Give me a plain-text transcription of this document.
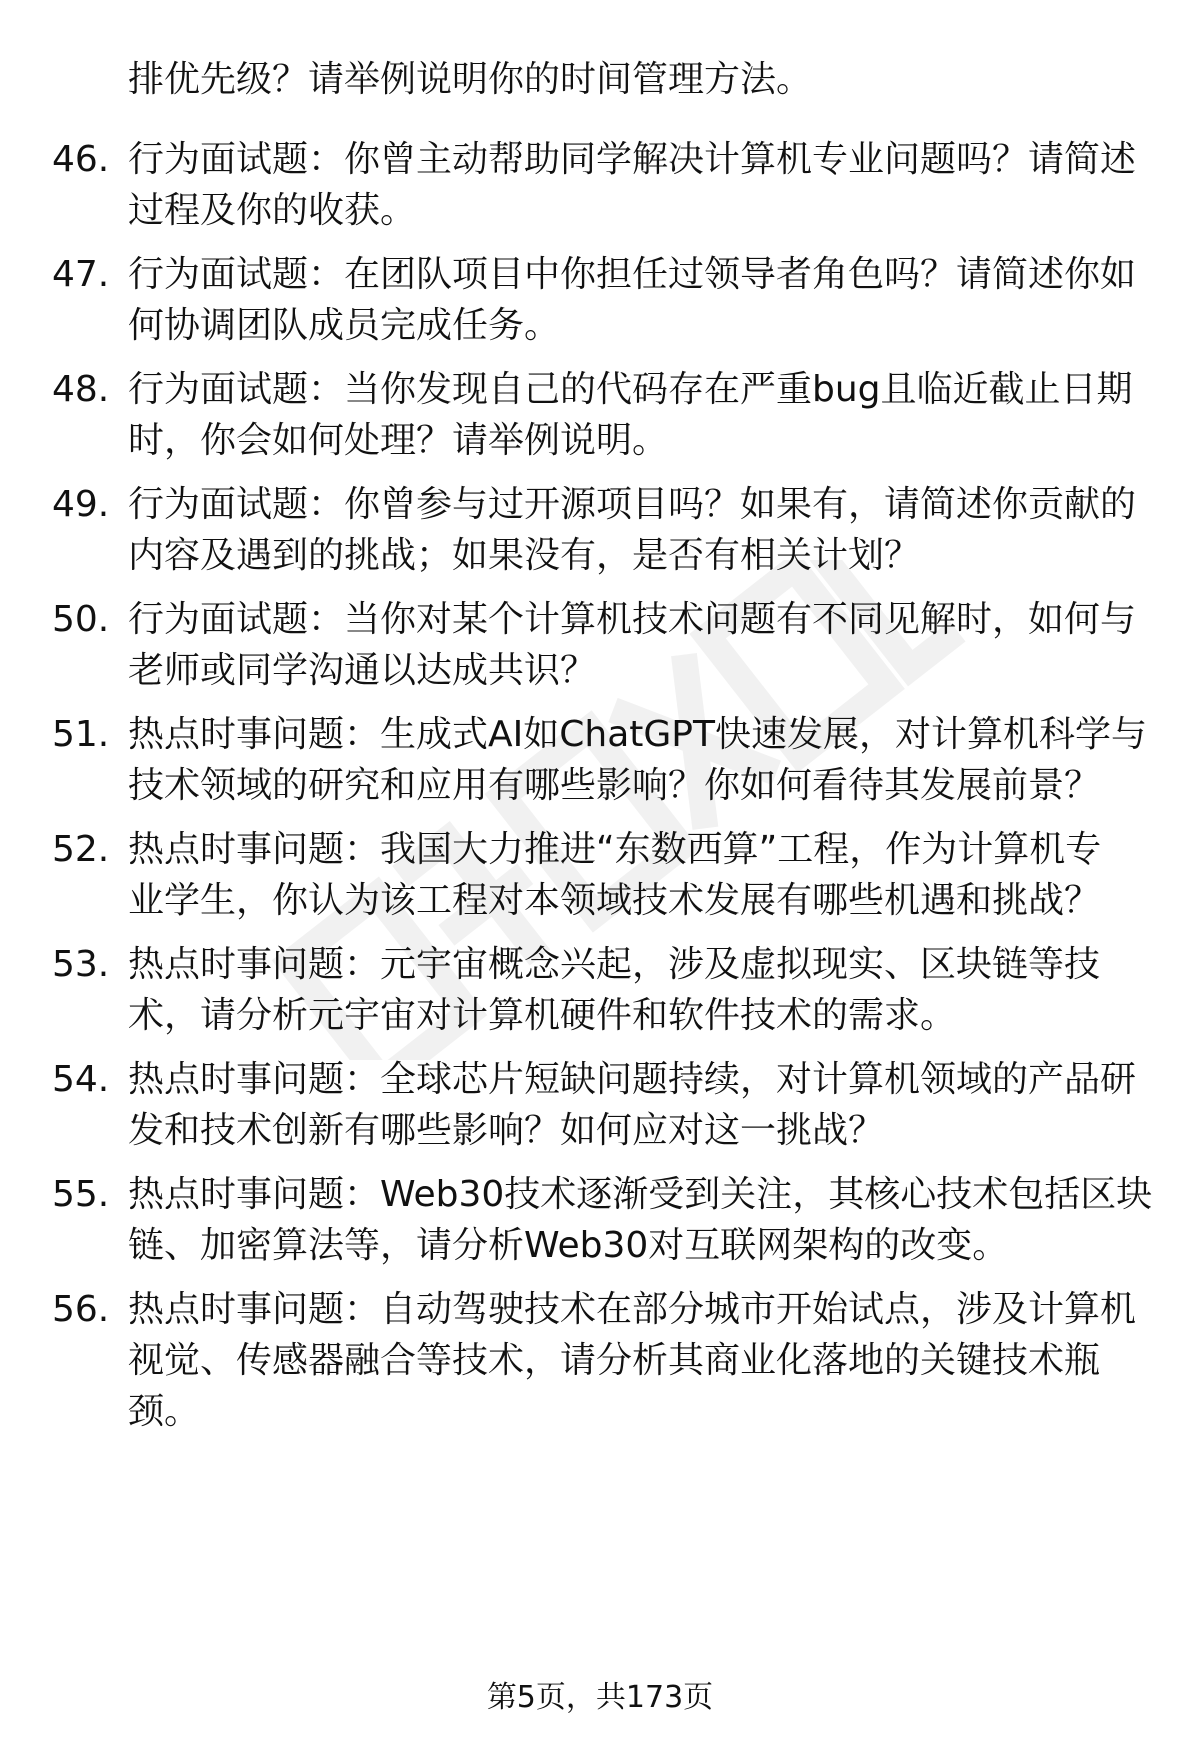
排优先级？请举例说明你的时间管理方法。
46. 行为面试题：你曾主动帮助同学解决计算机专业问题吗？请简述
过程及你的收获。
47. 行为面试题：在团队项目中你担任过领导者角色吗？请简述你如
何协调团队成员完成任务。
48. 行为面试题：当你发现自己的代码存在严重bug且临近截止日期
时，你会如何处理？请举例说明。
49. 行为面试题：你曾参与过开源项目吗？如果有，请简述你贡献的
内容及遇到的挑战；如果没有，是否有相关计划？
50. 行为面试题：当你对某个计算机技术问题有不同见解时，如何与
老师或同学沟通以达成共识？
51. 热点时事问题：生成式AI如ChatGPT快速发展，对计算机科学与
技术领域的研究和应用有哪些影响？你如何看待其发展前景？
52. 热点时事问题：我国大力推进“东数西算”工程，作为计算机专
业学生，你认为该工程对本领域技术发展有哪些机遇和挑战？
53. 热点时事问题：元宇宙概念兴起，涉及虚拟现实、区块链等技
术，请分析元宇宙对计算机硬件和软件技术的需求。
54. 热点时事问题：全球芯片短缺问题持续，对计算机领域的产品研
发和技术创新有哪些影响？如何应对这一挑战？
55. 热点时事问题：Web30技术逐渐受到关注，其核心技术包括区块
链、加密算法等，请分析Web30对互联网架构的改变。
56. 热点时事问题：自动驾驶技术在部分城市开始试点，涉及计算机
视觉、传感器融合等技术，请分析其商业化落地的关键技术瓶
颈。
第5页，共173页
